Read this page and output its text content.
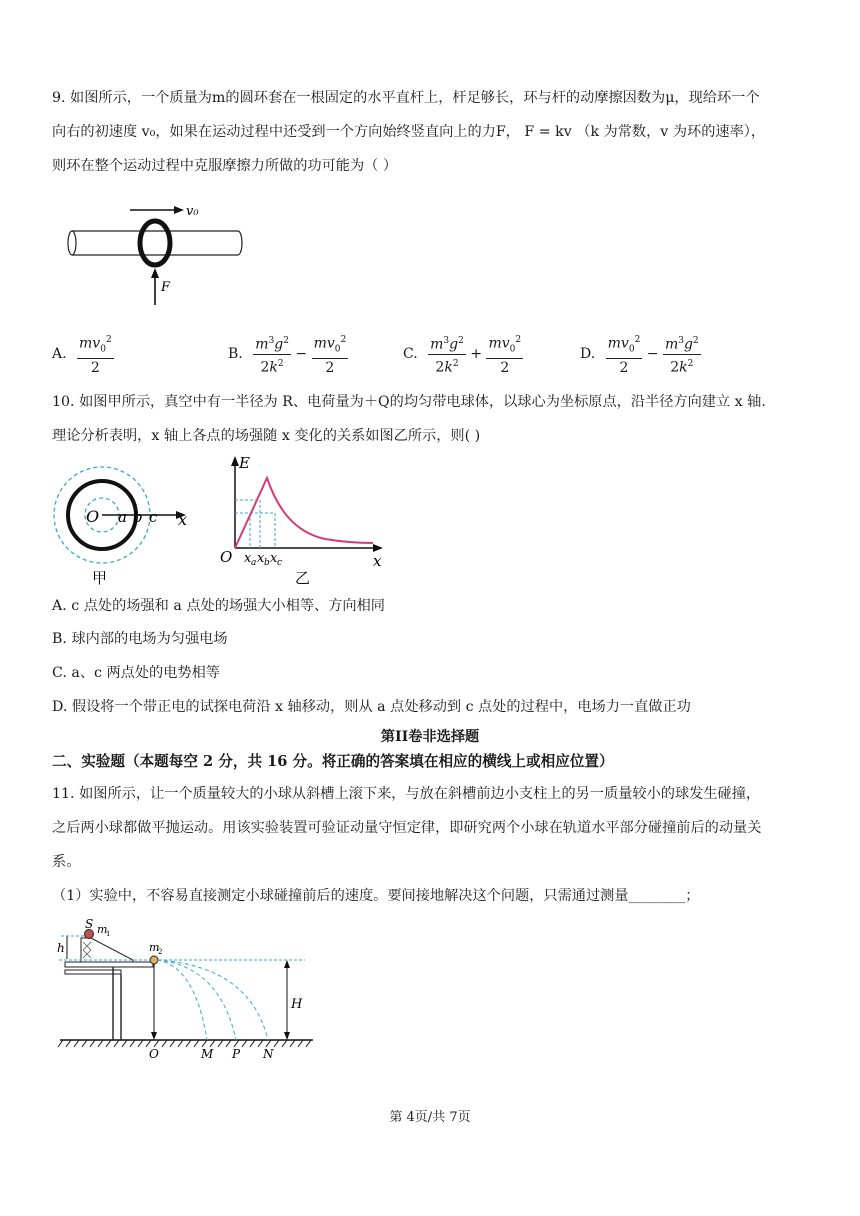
9. 如图所示，一个质量为m的圆环套在一根固定的水平直杆上，杆足够长，环与杆的动摩擦因数为μ，现给环一个
向右的初速度 v₀，如果在运动过程中还受到一个方向始终竖直向上的力F， F = kv （k 为常数，v 为环的速率），
则环在整个运动过程中克服摩擦力所做的功可能为（ ）
v₀
F
A. $\frac{mv_0^2}{2}$	B. $\frac{m^3g^2}{2k^2} - \frac{mv_0^2}{2}$	C. $\frac{m^3g^2}{2k^2} + \frac{mv_0^2}{2}$	D. $\frac{mv_0^2}{2} - \frac{m^3g^2}{2k^2}$
10. 如图甲所示，真空中有一半径为 R、电荷量为＋Q的均匀带电球体，以球心为坐标原点，沿半径方向建立 x 轴.
理论分析表明，x 轴上各点的场强随 x 变化的关系如图乙所示，则( )
O a b c x
甲
E
x
O x a x b x c
乙
A. c 点处的场强和 a 点处的场强大小相等、方向相同
B. 球内部的电场为匀强电场
C. a、c 两点处的电势相等
D. 假设将一个带正电的试探电荷沿 x 轴移动，则从 a 点处移动到 c 点处的过程中，电场力一直做正功
第II卷非选择题
二、实验题（本题每空 2 分，共 16 分。将正确的答案填在相应的横线上或相应位置）
11. 如图所示，让一个质量较大的小球从斜槽上滚下来，与放在斜槽前边小支柱上的另一质量较小的球发生碰撞，
之后两小球都做平抛运动。用该实验装置可验证动量守恒定律，即研究两个小球在轨道水平部分碰撞前后的动量关
系。
（1）实验中，不容易直接测定小球碰撞前后的速度。要间接地解决这个问题，只需通过测量________；
S m
1
m
2
h
H
O	M P N
第 4页/共 7页
